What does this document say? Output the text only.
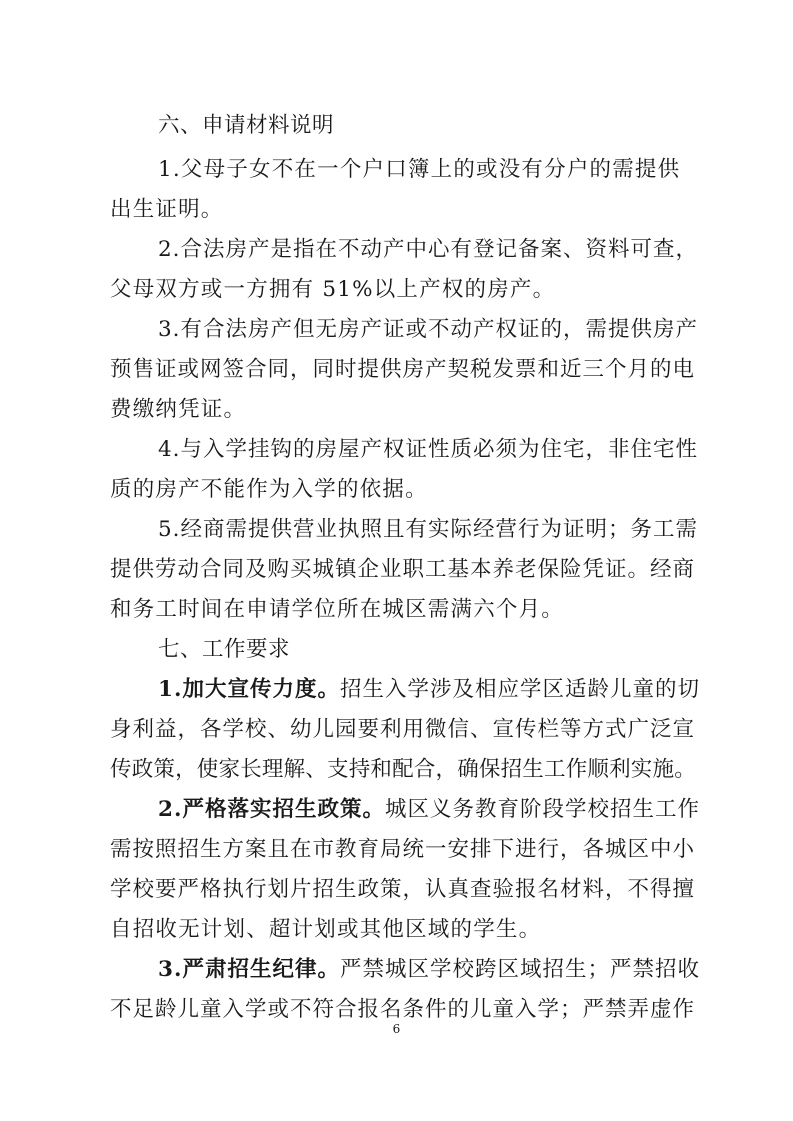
六、申请材料说明
1.父母子女不在一个户口簿上的或没有分户的需提供
出生证明。
2.合法房产是指在不动产中心有登记备案、资料可查，
父母双方或一方拥有 51%以上产权的房产。
3.有合法房产但无房产证或不动产权证的，需提供房产
预售证或网签合同，同时提供房产契税发票和近三个月的电
费缴纳凭证。
4.与入学挂钩的房屋产权证性质必须为住宅，非住宅性
质的房产不能作为入学的依据。
5.经商需提供营业执照且有实际经营行为证明；务工需
提供劳动合同及购买城镇企业职工基本养老保险凭证。经商
和务工时间在申请学位所在城区需满六个月。
七、工作要求
1.加大宣传力度。招生入学涉及相应学区适龄儿童的切
身利益，各学校、幼儿园要利用微信、宣传栏等方式广泛宣
传政策，使家长理解、支持和配合，确保招生工作顺利实施。
2.严格落实招生政策。城区义务教育阶段学校招生工作
需按照招生方案且在市教育局统一安排下进行，各城区中小
学校要严格执行划片招生政策，认真查验报名材料，不得擅
自招收无计划、超计划或其他区域的学生。
3.严肃招生纪律。严禁城区学校跨区域招生；严禁招收
不足龄儿童入学或不符合报名条件的儿童入学；严禁弄虚作
6
